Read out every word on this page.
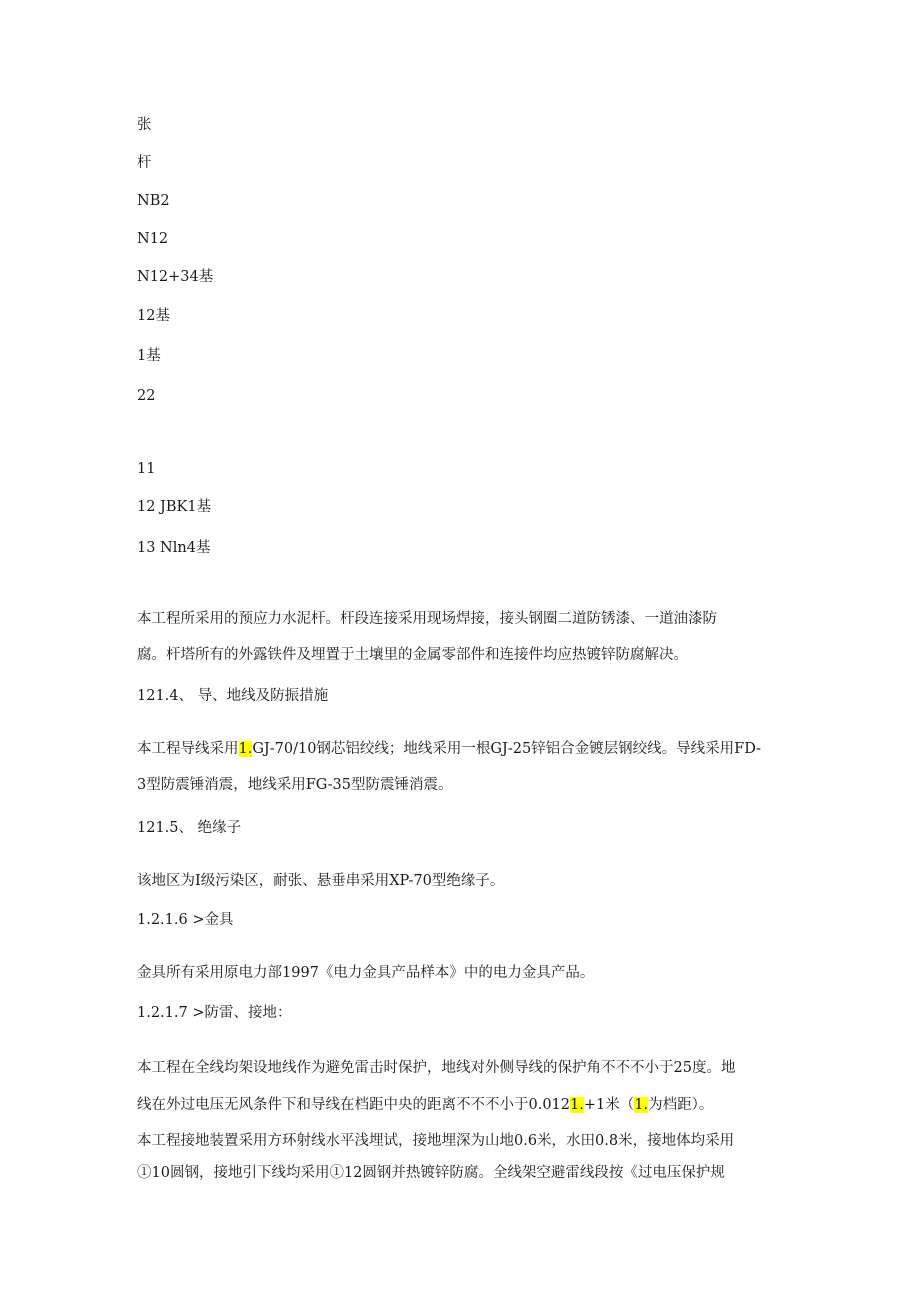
张

杆

NB2

N12

N12+34基

12基

1基

22

11

12 JBK1基

13 Nln4基

本工程所采用的预应力水泥杆。杆段连接采用现场焊接，接头钢圈二道防锈漆、一道油漆防

腐。杆塔所有的外露铁件及埋置于土壤里的金属零部件和连接件均应热镀锌防腐解决。

121.4、 导、地线及防振措施

本工程导线采用1.GJ-70/10钢芯铝绞线；地线采用一根GJ-25锌铝合金镀层钢绞线。导线采用FD-

3型防震锤消震，地线采用FG-35型防震锤消震。

121.5、 绝缘子

该地区为I级污染区，耐张、悬垂串采用XP-70型绝缘子。

1.2.1.6 >金具

金具所有采用原电力部1997《电力金具产品样本》中的电力金具产品。

1.2.1.7 >防雷、接地：

本工程在全线均架设地线作为避免雷击时保护，地线对外侧导线的保护角不不不小于25度。地

线在外过电压无风条件下和导线在档距中央的距离不不不小于0.0121.+1米（1.为档距）。

本工程接地装置采用方环射线水平浅埋试，接地埋深为山地0.6米，水田0.8米，接地体均采用

①10圆钢，接地引下线均采用①12圆钢并热镀锌防腐。全线架空避雷线段按《过电压保护规
